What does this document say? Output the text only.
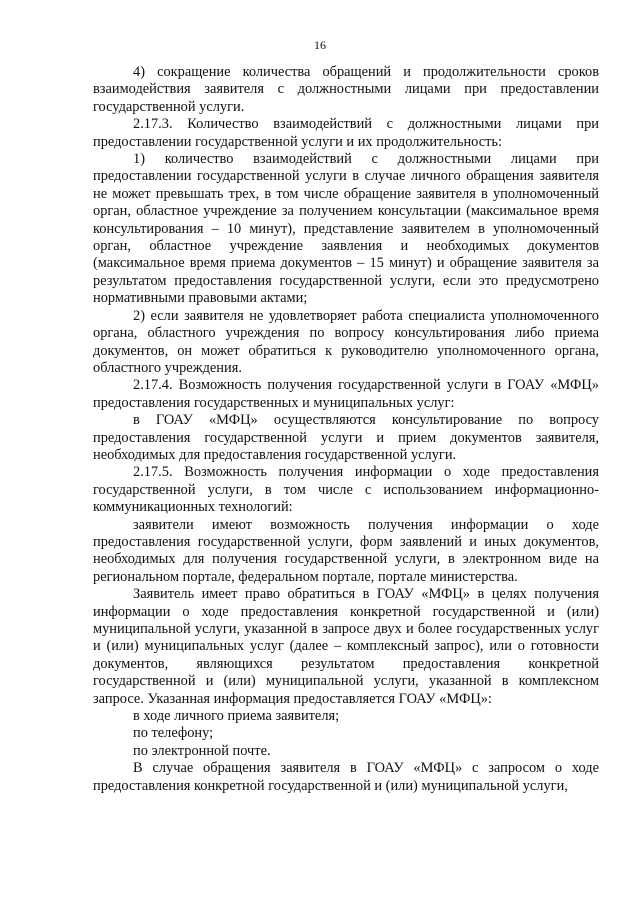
16

4) сокращение количества обращений и продолжительности сроков взаимодействия заявителя с должностными лицами при предоставлении государственной услуги.

2.17.3. Количество взаимодействий с должностными лицами при предоставлении государственной услуги и их продолжительность:

1) количество взаимодействий с должностными лицами при предоставлении государственной услуги в случае личного обращения заявителя не может превышать трех, в том числе обращение заявителя в уполномоченный орган, областное учреждение за получением консультации (максимальное время консультирования – 10 минут), представление заявителем в уполномоченный орган, областное учреждение заявления и необходимых документов (максимальное время приема документов – 15 минут) и обращение заявителя за результатом предоставления государственной услуги, если это предусмотрено нормативными правовыми актами;

2) если заявителя не удовлетворяет работа специалиста уполномоченного органа, областного учреждения по вопросу консультирования либо приема документов, он может обратиться к руководителю уполномоченного органа, областного учреждения.

2.17.4. Возможность получения государственной услуги в ГОАУ «МФЦ» предоставления государственных и муниципальных услуг:

в ГОАУ «МФЦ» осуществляются консультирование по вопросу предоставления государственной услуги и прием документов заявителя, необходимых для предоставления государственной услуги.

2.17.5. Возможность получения информации о ходе предоставления государственной услуги, в том числе с использованием информационно-коммуникационных технологий:

заявители имеют возможность получения информации о ходе предоставления государственной услуги, форм заявлений и иных документов, необходимых для получения государственной услуги, в электронном виде на региональном портале, федеральном портале, портале министерства.

Заявитель имеет право обратиться в ГОАУ «МФЦ» в целях получения информации о ходе предоставления конкретной государственной и (или) муниципальной услуги, указанной в запросе двух и более государственных услуг и (или) муниципальных услуг (далее – комплексный запрос), или о готовности документов, являющихся результатом предоставления конкретной государственной и (или) муниципальной услуги, указанной в комплексном запросе. Указанная информация предоставляется ГОАУ «МФЦ»:

в ходе личного приема заявителя;

по телефону;

по электронной почте.

В случае обращения заявителя в ГОАУ «МФЦ» с запросом о ходе предоставления конкретной государственной и (или) муниципальной услуги,
